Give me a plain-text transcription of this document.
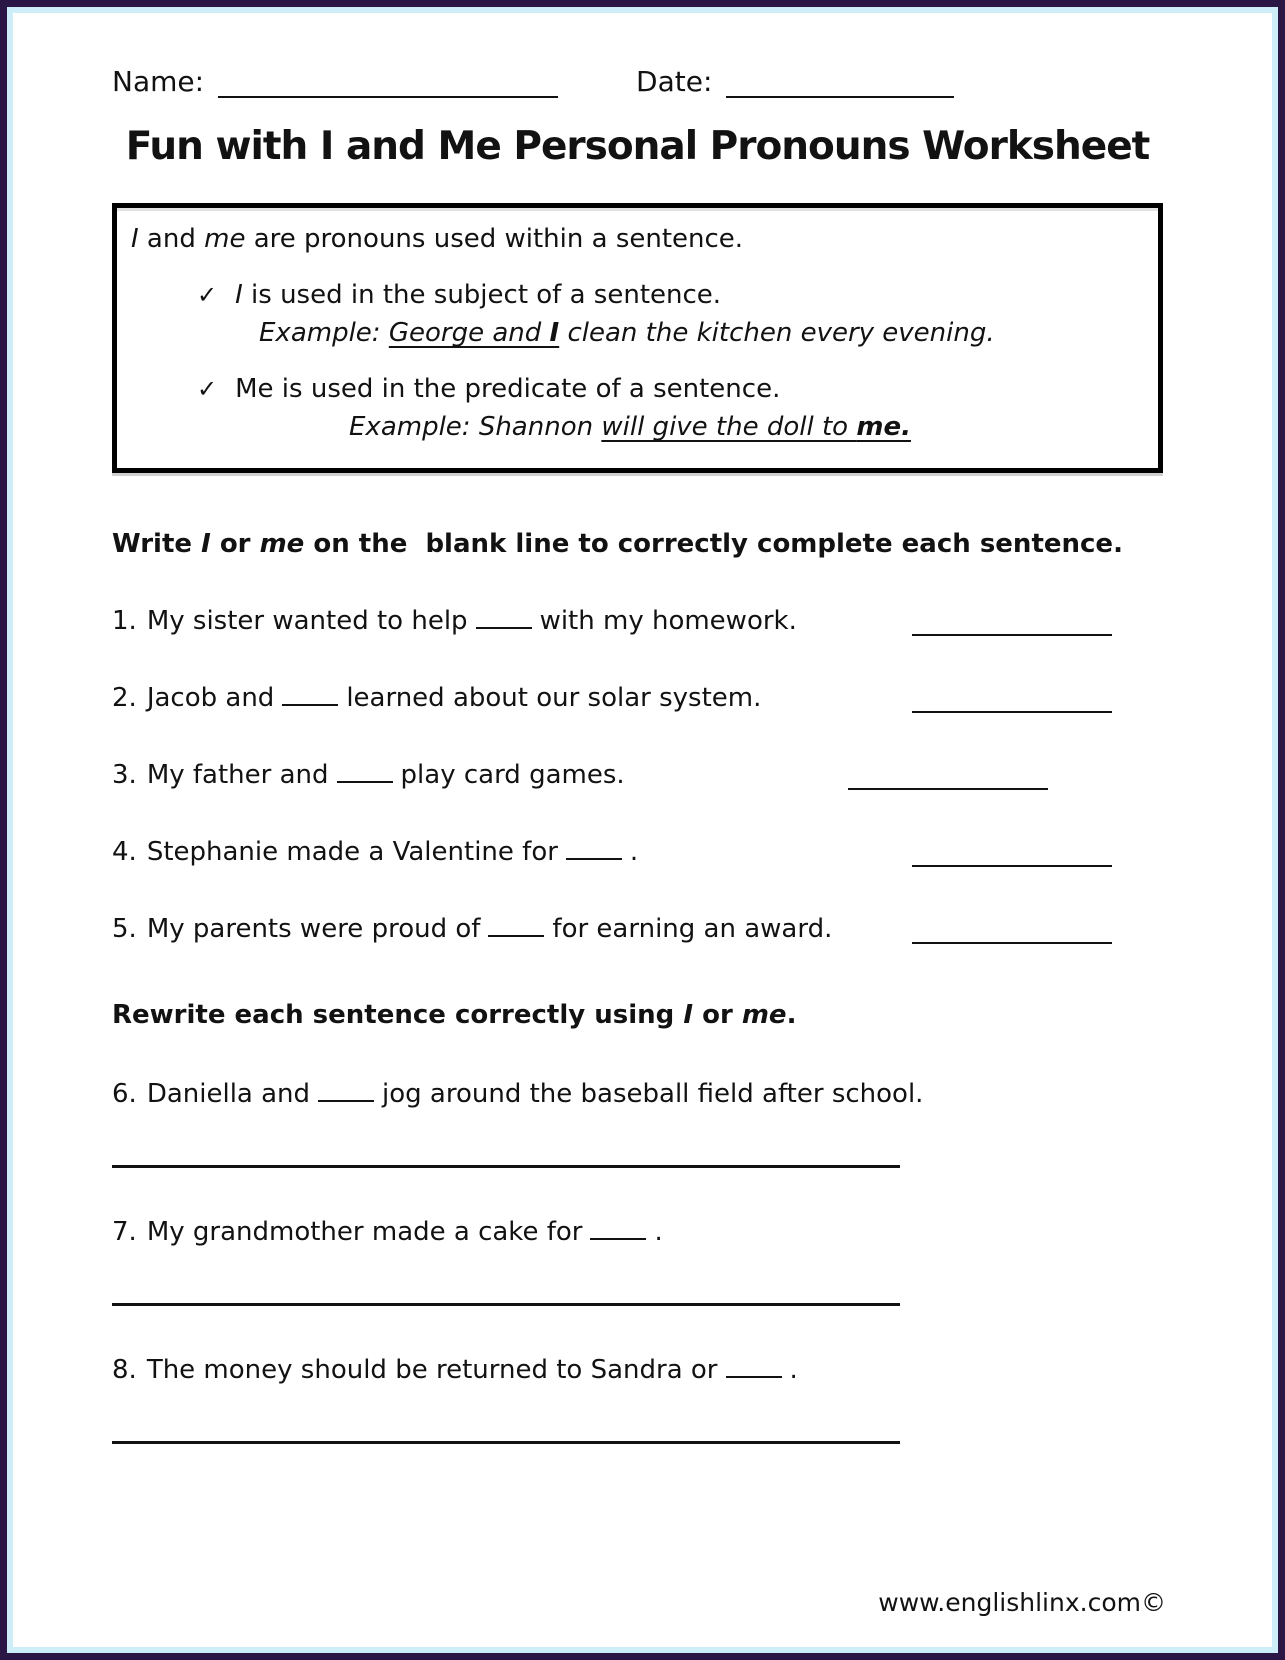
Name:	Date:
Fun with I and Me Personal Pronouns Worksheet

I and me are pronouns used within a sentence.

✓ I is used in the subject of a sentence.

Example: George and I clean the kitchen every evening.

✓ Me is used in the predicate of a sentence.

Example: Shannon will give the doll to me.

Write I or me on the  blank line to correctly complete each sentence.

1. My sister wanted to help	with my homework.
2. Jacob and	learned about our solar system.
3. My father and	play card games.
4. Stephanie made a Valentine for	.
5. My parents were proud of	for earning an award.

Rewrite each sentence correctly using I or me.

6. Daniella and	jog around the baseball field after school.

7. My grandmother made a cake for	.

8. The money should be returned to Sandra or	.

www.englishlinx.com©
